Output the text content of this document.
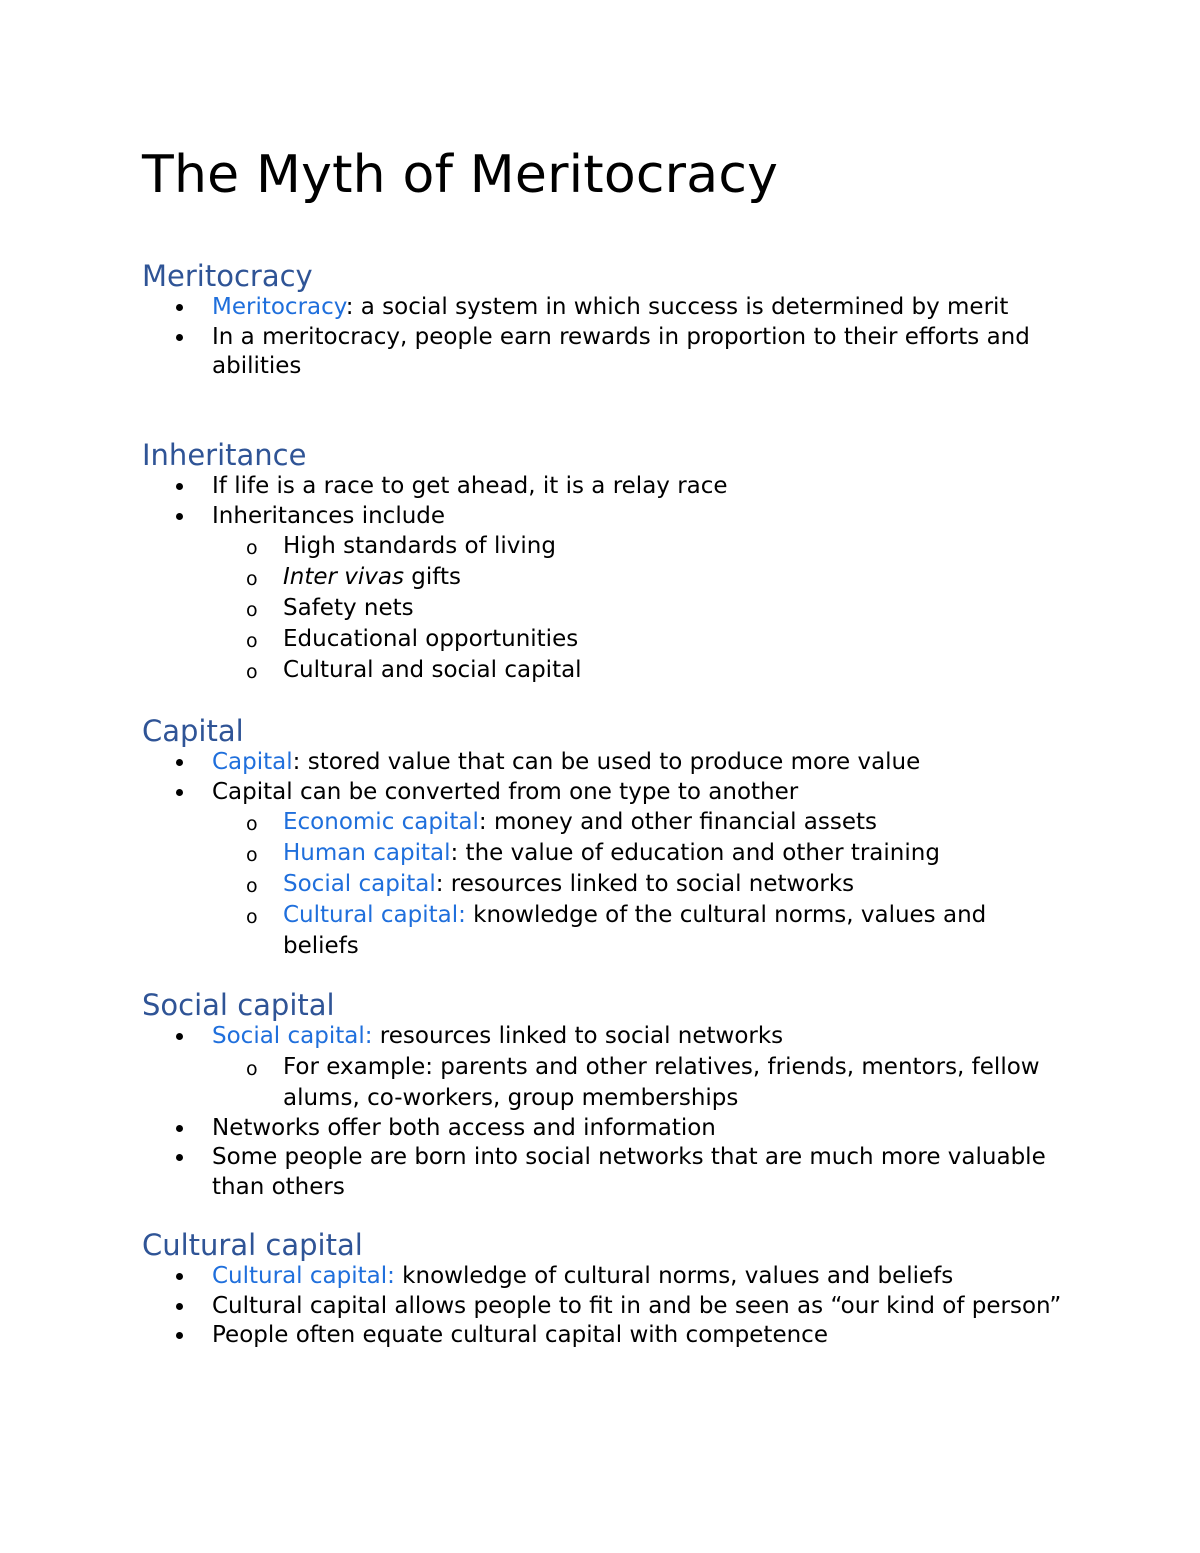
The Myth of Meritocracy
Meritocracy
Meritocracy: a social system in which success is determined by merit
In a meritocracy, people earn rewards in proportion to their efforts and abilities
Inheritance
If life is a race to get ahead, it is a relay race
Inheritances include
o High standards of living
o Inter vivas gifts
o Safety nets
o Educational opportunities
o Cultural and social capital
Capital
Capital: stored value that can be used to produce more value
Capital can be converted from one type to another
o Economic capital: money and other financial assets
o Human capital: the value of education and other training
o Social capital: resources linked to social networks
o Cultural capital: knowledge of the cultural norms, values and beliefs
Social capital
Social capital: resources linked to social networks
o For example: parents and other relatives, friends, mentors, fellow alums, co-workers, group memberships
Networks offer both access and information
Some people are born into social networks that are much more valuable than others
Cultural capital
Cultural capital: knowledge of cultural norms, values and beliefs
Cultural capital allows people to fit in and be seen as “our kind of person”
People often equate cultural capital with competence
